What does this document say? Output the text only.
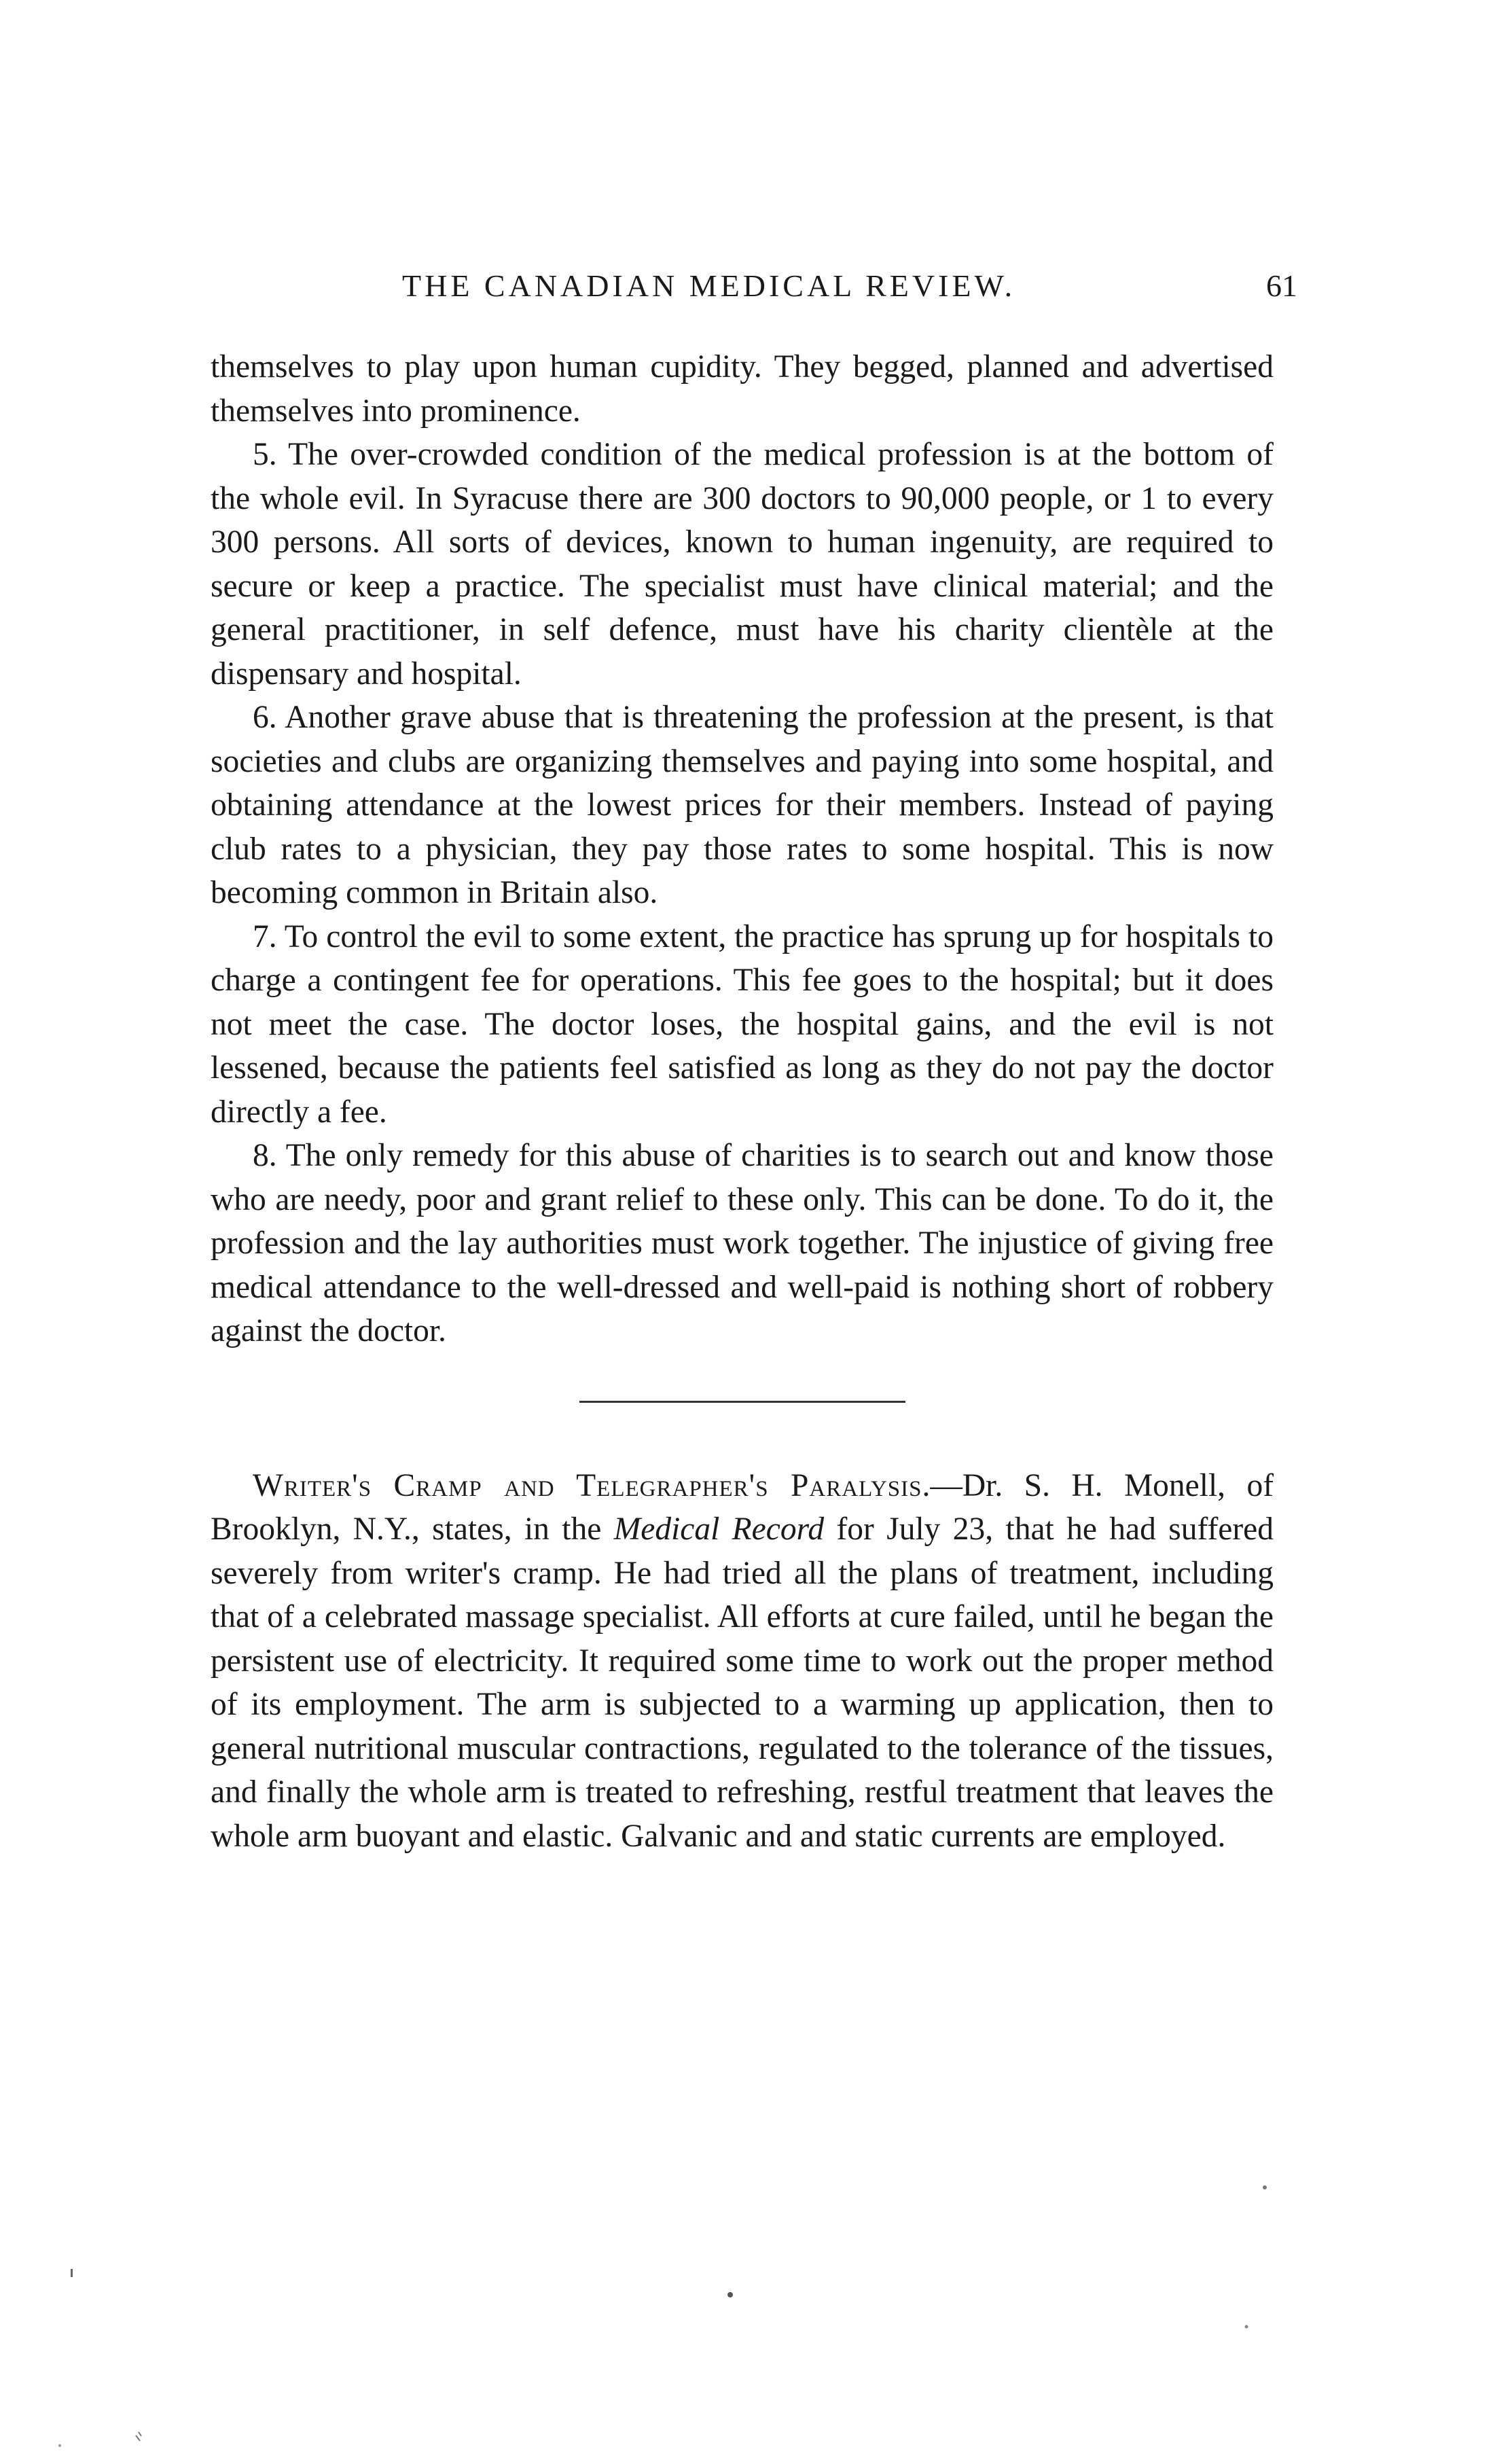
THE CANADIAN MEDICAL REVIEW.	61

themselves to play upon human cupidity. They begged, planned and advertised themselves into prominence.

5. The over-crowded condition of the medical profession is at the bottom of the whole evil. In Syracuse there are 300 doctors to 90,000 people, or 1 to every 300 persons. All sorts of devices, known to human ingenuity, are required to secure or keep a practice. The specialist must have clinical material; and the general practitioner, in self defence, must have his charity clientèle at the dispensary and hospital.

6. Another grave abuse that is threatening the profession at the present, is that societies and clubs are organizing themselves and paying into some hospital, and obtaining attendance at the lowest prices for their members. Instead of paying club rates to a physician, they pay those rates to some hospital. This is now becoming common in Britain also.

7. To control the evil to some extent, the practice has sprung up for hospitals to charge a contingent fee for operations. This fee goes to the hospital; but it does not meet the case. The doctor loses, the hospital gains, and the evil is not lessened, because the patients feel satisfied as long as they do not pay the doctor directly a fee.

8. The only remedy for this abuse of charities is to search out and know those who are needy, poor and grant relief to these only. This can be done. To do it, the profession and the lay authorities must work together. The injustice of giving free medical attendance to the well-dressed and well-paid is nothing short of robbery against the doctor.

Writer's Cramp and Telegrapher's Paralysis.—Dr. S. H. Monell, of Brooklyn, N.Y., states, in the Medical Record for July 23, that he had suffered severely from writer's cramp. He had tried all the plans of treatment, including that of a celebrated massage specialist. All efforts at cure failed, until he began the persistent use of electricity. It required some time to work out the proper method of its employment. The arm is subjected to a warming up application, then to general nutritional muscular contractions, regulated to the tolerance of the tissues, and finally the whole arm is treated to refreshing, restful treatment that leaves the whole arm buoyant and elastic. Galvanic and and static currents are employed.
